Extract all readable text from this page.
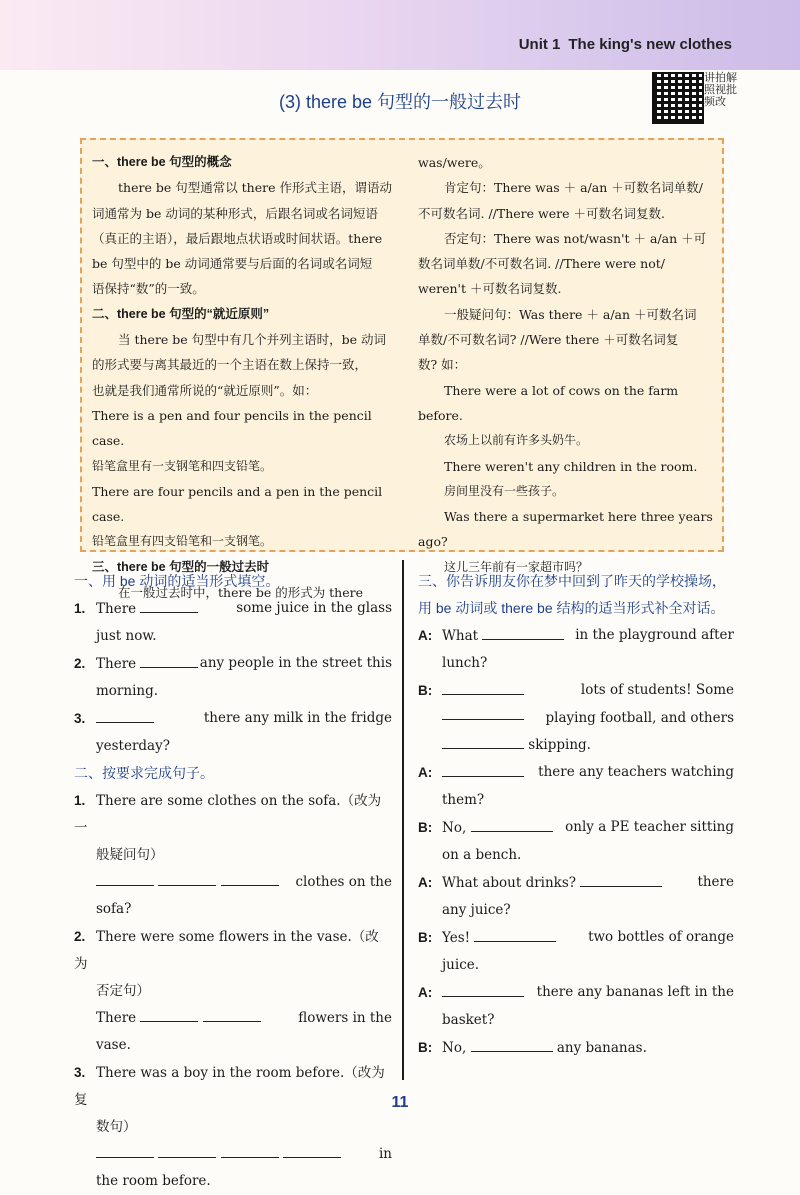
Unit 1 The king's new clothes
(3) there be 句型的一般过去时
讲拍解照视批频改

一、there be 句型的概念

there be 句型通常以 there 作形式主语，谓语动

词通常为 be 动词的某种形式，后跟名词或名词短语

（真正的主语），最后跟地点状语或时间状语。there

be 句型中的 be 动词通常要与后面的名词或名词短

语保持“数”的一致。

二、there be 句型的“就近原则”

当 there be 句型中有几个并列主语时，be 动词

的形式要与离其最近的一个主语在数上保持一致，

也就是我们通常所说的“就近原则”。如：

There is a pen and four pencils in the pencil case.

铅笔盒里有一支钢笔和四支铅笔。

There are four pencils and a pen in the pencil case.

铅笔盒里有四支铅笔和一支钢笔。

三、there be 句型的一般过去时

在一般过去时中，there be 的形式为 there

was/were。

肯定句：There was ＋ a/an ＋可数名词单数/

不可数名词. //There were ＋可数名词复数.

否定句：There was not/wasn't ＋ a/an ＋可

数名词单数/不可数名词. //There were not/

weren't ＋可数名词复数.

一般疑问句：Was there ＋ a/an ＋可数名词

单数/不可数名词? //Were there ＋可数名词复

数? 如：

There were a lot of cows on the farm before.

农场上以前有许多头奶牛。

There weren't any children in the room.

房间里没有一些孩子。

Was there a supermarket here three years

ago?

这儿三年前有一家超市吗？

一、用 be 动词的适当形式填空。

1. There	some juice in the glass

just now.

2. There	any people in the street this

morning.

3.	there any milk in the fridge

yesterday?

二、按要求完成句子。

1. There are some clothes on the sofa.（改为一

般疑问句）

clothes on the

sofa?

2. There were some flowers in the vase.（改为

否定句）

There	flowers in the

vase.

3. There was a boy in the room before.（改为复

数句）

in

the room before.

三、你告诉朋友你在梦中回到了昨天的学校操场，

用 be 动词或 there be 结构的适当形式补全对话。

A: What	in the playground after

lunch?

B:	lots of students! Some

playing football, and others

skipping.

A:	there any teachers watching

them?

B: No,	only a PE teacher sitting

on a bench.

A: What about drinks?	there

any juice?

B: Yes!	two bottles of orange

juice.

A:	there any bananas left in the

basket?

B: No,	any bananas.

11
